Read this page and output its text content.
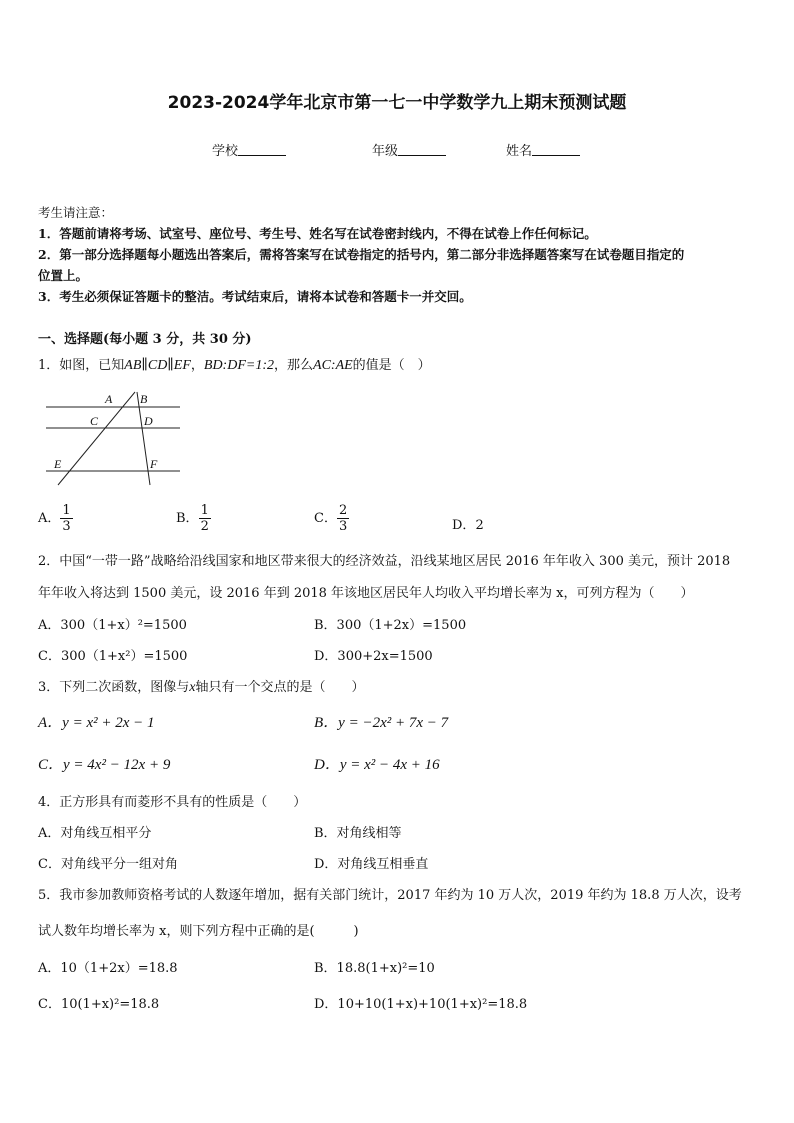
2023-2024学年北京市第一七一中学数学九上期末预测试题
学校	年级	姓名
考生请注意：
1．答题前请将考场、试室号、座位号、考生号、姓名写在试卷密封线内，不得在试卷上作任何标记。
2．第一部分选择题每小题选出答案后，需将答案写在试卷指定的括号内，第二部分非选择题答案写在试卷题目指定的
位置上。
3．考生必须保证答题卡的整洁。考试结束后，请将本试卷和答题卡一并交回。
一、选择题(每小题 3 分，共 30 分)
1．如图，已知AB∥CD∥EF，BD:DF=1:2，那么AC:AE的值是（　）
A B
C	D
E	F
A． $\frac{1}{3}$	B． $\frac{1}{2}$	C． $\frac{2}{3}$	D．2
2．中国“一带一路”战略给沿线国家和地区带来很大的经济效益，沿线某地区居民 2016 年年收入 300 美元，预计 2018
年年收入将达到 1500 美元，设 2016 年到 2018 年该地区居民年人均收入平均增长率为 x，可列方程为（　　）
A．300（1+x）²=1500	B．300（1+2x）=1500
C．300（1+x²）=1500	D．300+2x=1500
3．下列二次函数，图像与x轴只有一个交点的是（　　）
A．y = x² + 2x − 1	B．y = −2x² + 7x − 7
C．y = 4x² − 12x + 9	D．y = x² − 4x + 16
4．正方形具有而菱形不具有的性质是（　　）
A．对角线互相平分	B．对角线相等
C．对角线平分一组对角	D．对角线互相垂直
5．我市参加教师资格考试的人数逐年增加，据有关部门统计，2017 年约为 10 万人次，2019 年约为 18.8 万人次，设考
试人数年均增长率为 x，则下列方程中正确的是(　　　)
A．10（1+2x）=18.8	B．18.8(1+x)²=10
C．10(1+x)²=18.8	D．10+10(1+x)+10(1+x)²=18.8
